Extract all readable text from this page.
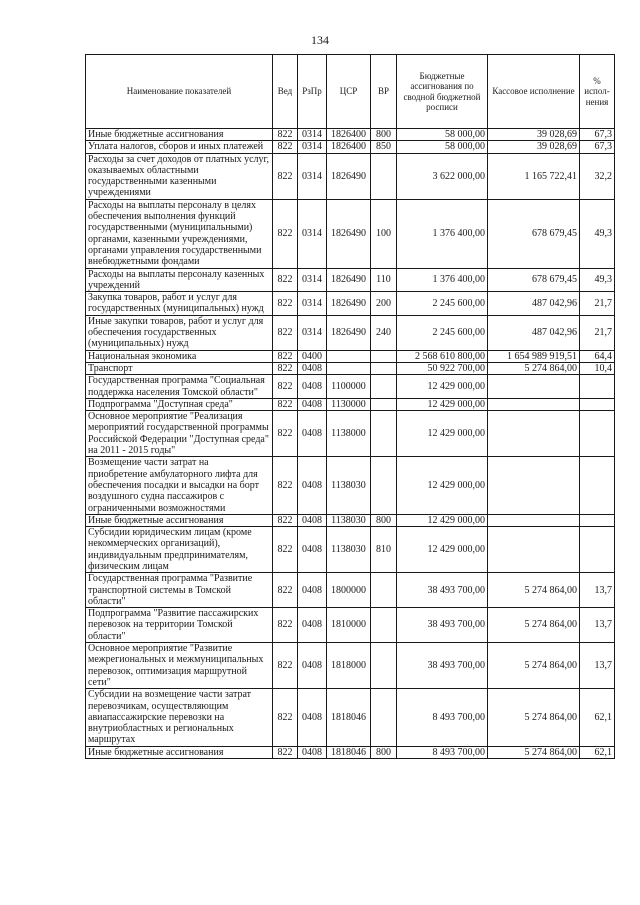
134
Наименование показателей	Вед	РзПр	ЦСР	ВР	Бюджетные ассигнования по сводной бюджетной росписи	Кассовое исполнение	% испол-нения
Иные бюджетные ассигнования	822	0314	1826400	800	58 000,00	39 028,69	67,3
Уплата налогов, сборов и иных платежей	822	0314	1826400	850	58 000,00	39 028,69	67,3
Расходы за счет доходов от платных услуг, оказываемых областными государственными казенными учреждениями	822	0314	1826490		3 622 000,00	1 165 722,41	32,2
Расходы на выплаты персоналу в целях обеспечения выполнения функций государственными (муниципальными) органами, казенными учреждениями, органами управления государственными внебюджетными фондами	822	0314	1826490	100	1 376 400,00	678 679,45	49,3
Расходы на выплаты персоналу казенных учреждений	822	0314	1826490	110	1 376 400,00	678 679,45	49,3
Закупка товаров, работ и услуг для государственных (муниципальных) нужд	822	0314	1826490	200	2 245 600,00	487 042,96	21,7
Иные закупки товаров, работ и услуг для обеспечения государственных (муниципальных) нужд	822	0314	1826490	240	2 245 600,00	487 042,96	21,7
Национальная экономика	822	0400			2 568 610 800,00	1 654 989 919,51	64,4
Транспорт	822	0408			50 922 700,00	5 274 864,00	10,4
Государственная программа "Социальная поддержка населения Томской области"	822	0408	1100000		12 429 000,00		
Подпрограмма "Доступная среда"	822	0408	1130000		12 429 000,00		
Основное мероприятие "Реализация мероприятий государственной программы Российской Федерации "Доступная среда" на 2011 - 2015 годы"	822	0408	1138000		12 429 000,00		
Возмещение части затрат на приобретение амбулаторного лифта для обеспечения посадки и высадки на борт воздушного судна пассажиров с ограниченными возможностями	822	0408	1138030		12 429 000,00		
Иные бюджетные ассигнования	822	0408	1138030	800	12 429 000,00		
Субсидии юридическим лицам (кроме некоммерческих организаций), индивидуальным предпринимателям, физическим лицам	822	0408	1138030	810	12 429 000,00		
Государственная программа "Развитие транспортной системы в Томской области"	822	0408	1800000		38 493 700,00	5 274 864,00	13,7
Подпрограмма "Развитие пассажирских перевозок на территории Томской области"	822	0408	1810000		38 493 700,00	5 274 864,00	13,7
Основное мероприятие "Развитие межрегиональных и межмуниципальных перевозок, оптимизация маршрутной сети"	822	0408	1818000		38 493 700,00	5 274 864,00	13,7
Субсидии на возмещение части затрат перевозчикам, осуществляющим авиапассажирские перевозки на внутриобластных и региональных маршрутах	822	0408	1818046		8 493 700,00	5 274 864,00	62,1
Иные бюджетные ассигнования	822	0408	1818046	800	8 493 700,00	5 274 864,00	62,1
